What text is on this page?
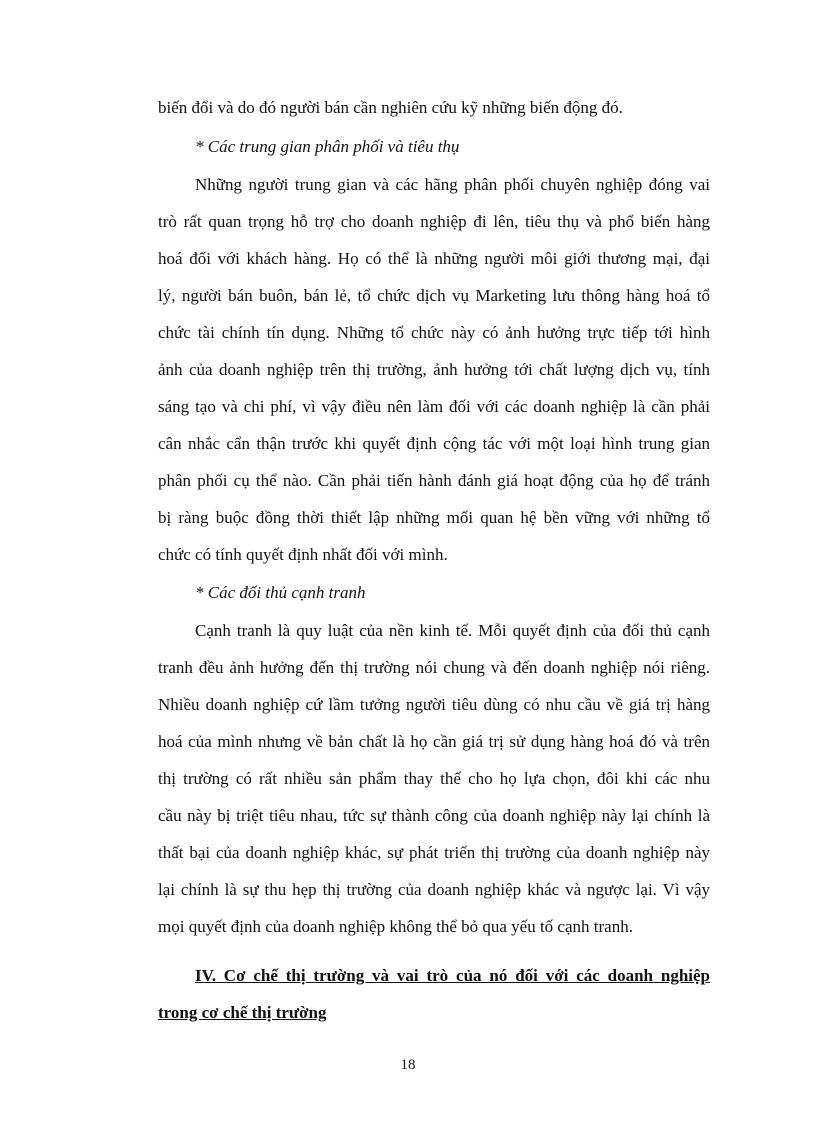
biến đổi và do đó người bán cần nghiên cứu kỹ những biến động đó.
* Các trung gian phân phối và tiêu thụ
Những người trung gian và các hãng phân phối chuyên nghiệp đóng vai
trò rất quan trọng hỗ trợ cho doanh nghiệp đi lên, tiêu thụ và phổ biến hàng
hoá đối với khách hàng. Họ có thể là những người môi giới thương mại, đại
lý, người bán buôn, bán lẻ, tổ chức dịch vụ Marketing lưu thông hàng hoá tổ
chức tài chính tín dụng. Những tổ chức này có ảnh hưởng trực tiếp tới hình
ảnh của doanh nghiệp trên thị trường, ảnh hưởng tới chất lượng dịch vụ, tính
sáng tạo và chi phí, vì vậy điều nên làm đối với các doanh nghiệp là cần phải
cân nhắc cẩn thận trước khi quyết định cộng tác với một loại hình trung gian
phân phối cụ thể nào. Cần phải tiến hành đánh giá hoạt động của họ để tránh
bị ràng buộc đồng thời thiết lập những mối quan hệ bền vững với những tổ
chức có tính quyết định nhất đối với mình.
* Các đối thủ cạnh tranh
Cạnh tranh là quy luật của nền kinh tế. Mỗi quyết định của đối thủ cạnh
tranh đều ảnh hưởng đến thị trường nói chung và đến doanh nghiệp nói riêng.
Nhiều doanh nghiệp cứ lầm tưởng người tiêu dùng có nhu cầu về giá trị hàng
hoá của mình nhưng về bản chất là họ cần giá trị sử dụng hàng hoá đó và trên
thị trường có rất nhiều sản phẩm thay thế cho họ lựa chọn, đôi khi các nhu
cầu này bị triệt tiêu nhau, tức sự thành công của doanh nghiệp này lại chính là
thất bại của doanh nghiệp khác, sự phát triển thị trường của doanh nghiệp này
lại chính là sự thu hẹp thị trường của doanh nghiệp khác và ngược lại. Vì vậy
mọi quyết định của doanh nghiệp không thể bỏ qua yếu tố cạnh tranh.
IV. Cơ chế thị trường và vai trò của nó đối với các doanh nghiệp
trong cơ chế thị trường
18
